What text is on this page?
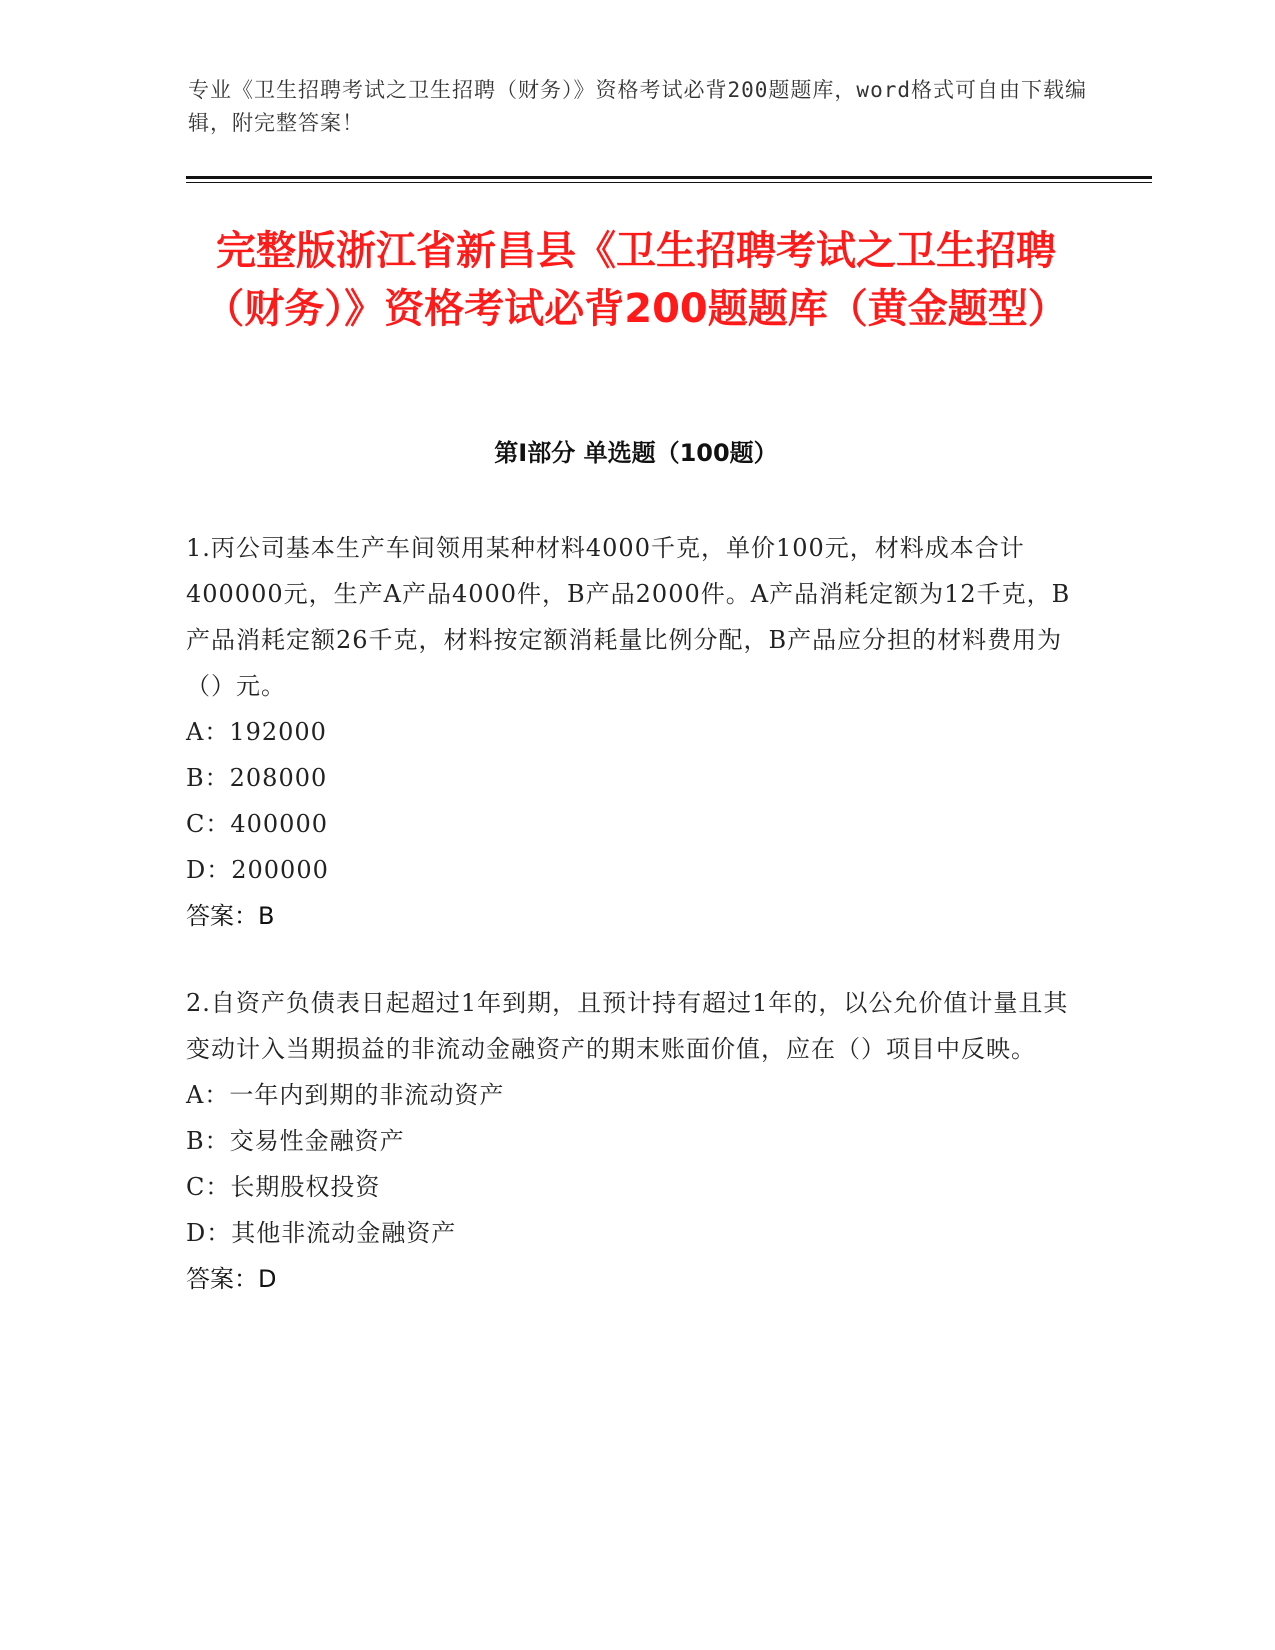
专业《卫生招聘考试之卫生招聘（财务）》资格考试必背200题题库，word格式可自由下载编辑，附完整答案！
完整版浙江省新昌县《卫生招聘考试之卫生招聘（财务）》资格考试必背200题题库（黄金题型）
第I部分 单选题（100题）
1.丙公司基本生产车间领用某种材料4000千克，单价100元，材料成本合计400000元，生产A产品4000件，B产品2000件。A产品消耗定额为12千克，B产品消耗定额26千克，材料按定额消耗量比例分配，B产品应分担的材料费用为（）元。
A：192000
B：208000
C：400000
D：200000
答案：B
2.自资产负债表日起超过1年到期，且预计持有超过1年的，以公允价值计量且其变动计入当期损益的非流动金融资产的期末账面价值，应在（）项目中反映。
A：一年内到期的非流动资产
B：交易性金融资产
C：长期股权投资
D：其他非流动金融资产
答案：D
